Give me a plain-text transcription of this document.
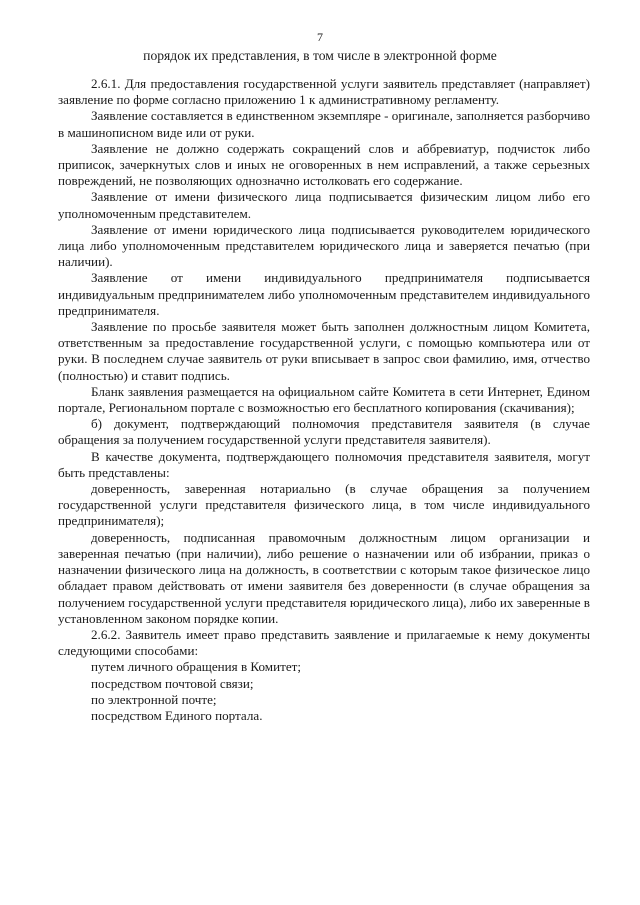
7
порядок их представления, в том числе в электронной форме

2.6.1. Для предоставления государственной услуги заявитель представляет (направляет) заявление по форме согласно приложению 1 к административному регламенту.

Заявление составляется в единственном экземпляре - оригинале, заполняется разборчиво в машинописном виде или от руки.

Заявление не должно содержать сокращений слов и аббревиатур, подчисток либо приписок, зачеркнутых слов и иных не оговоренных в нем исправлений, а также серьезных повреждений, не позволяющих однозначно истолковать его содержание.

Заявление от имени физического лица подписывается физическим лицом либо его уполномоченным представителем.

Заявление от имени юридического лица подписывается руководителем юридического лица либо уполномоченным представителем юридического лица и заверяется печатью (при наличии).

Заявление от имени индивидуального предпринимателя подписывается индивидуальным предпринимателем либо уполномоченным представителем индивидуального предпринимателя.

Заявление по просьбе заявителя может быть заполнен должностным лицом Комитета, ответственным за предоставление государственной услуги, с помощью компьютера или от руки. В последнем случае заявитель от руки вписывает в запрос свои фамилию, имя, отчество (полностью) и ставит подпись.

Бланк заявления размещается на официальном сайте Комитета в сети Интернет, Едином портале, Региональном портале с возможностью его бесплатного копирования (скачивания);

б) документ, подтверждающий полномочия представителя заявителя (в случае обращения за получением государственной услуги представителя заявителя).

В качестве документа, подтверждающего полномочия представителя заявителя, могут быть представлены:

доверенность, заверенная нотариально (в случае обращения за получением государственной услуги представителя физического лица, в том числе индивидуального предпринимателя);

доверенность, подписанная правомочным должностным лицом организации и заверенная печатью (при наличии), либо решение о назначении или об избрании, приказ о назначении физического лица на должность, в соответствии с которым такое физическое лицо обладает правом действовать от имени заявителя без доверенности (в случае обращения за получением государственной услуги представителя юридического лица), либо их заверенные в установленном законом порядке копии.

2.6.2. Заявитель имеет право представить заявление и прилагаемые к нему документы следующими способами:

путем личного обращения в Комитет;

посредством почтовой связи;

по электронной почте;

посредством Единого портала.
